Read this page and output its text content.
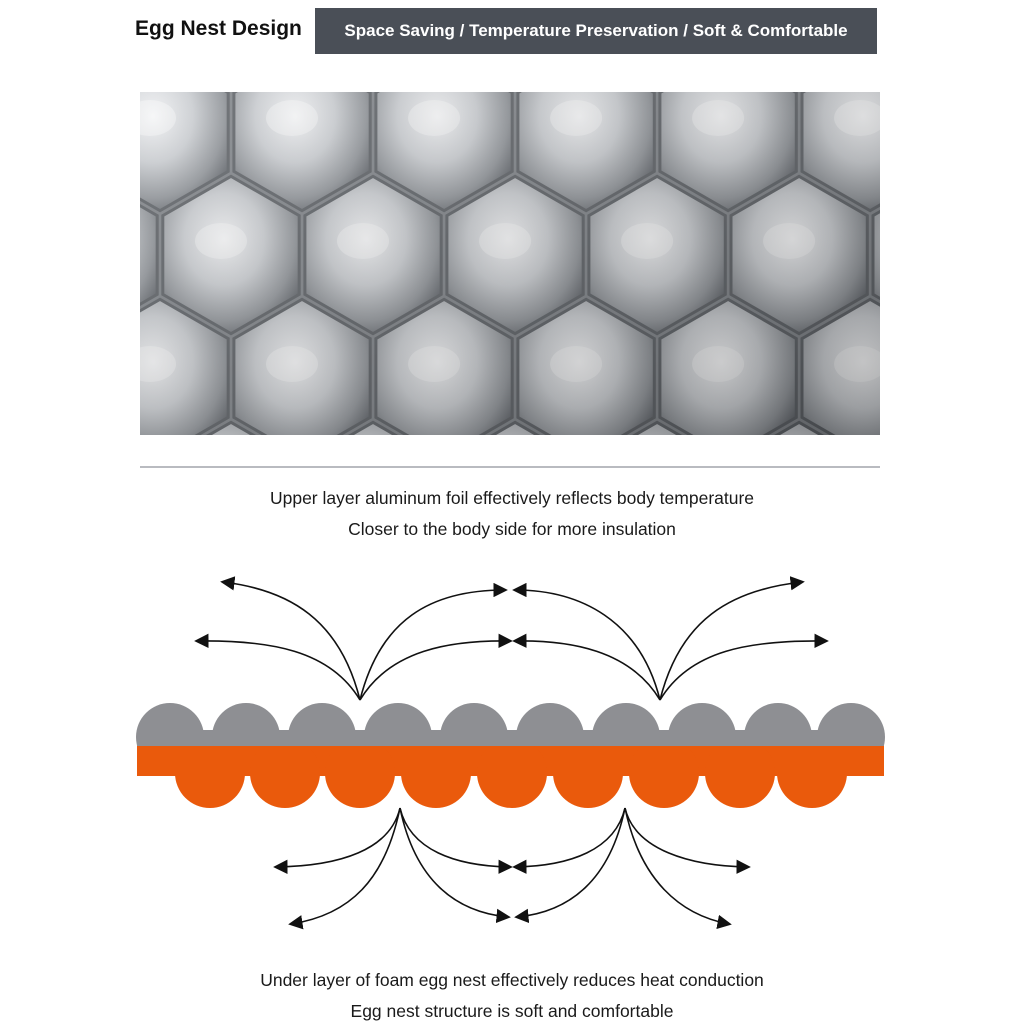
Egg Nest Design	Space Saving / Temperature Preservation / Soft & Comfortable
Upper layer aluminum foil effectively reflects body temperature
Closer to the body side for more insulation
Under layer of foam egg nest effectively reduces heat conduction
Egg nest structure is soft and comfortable
